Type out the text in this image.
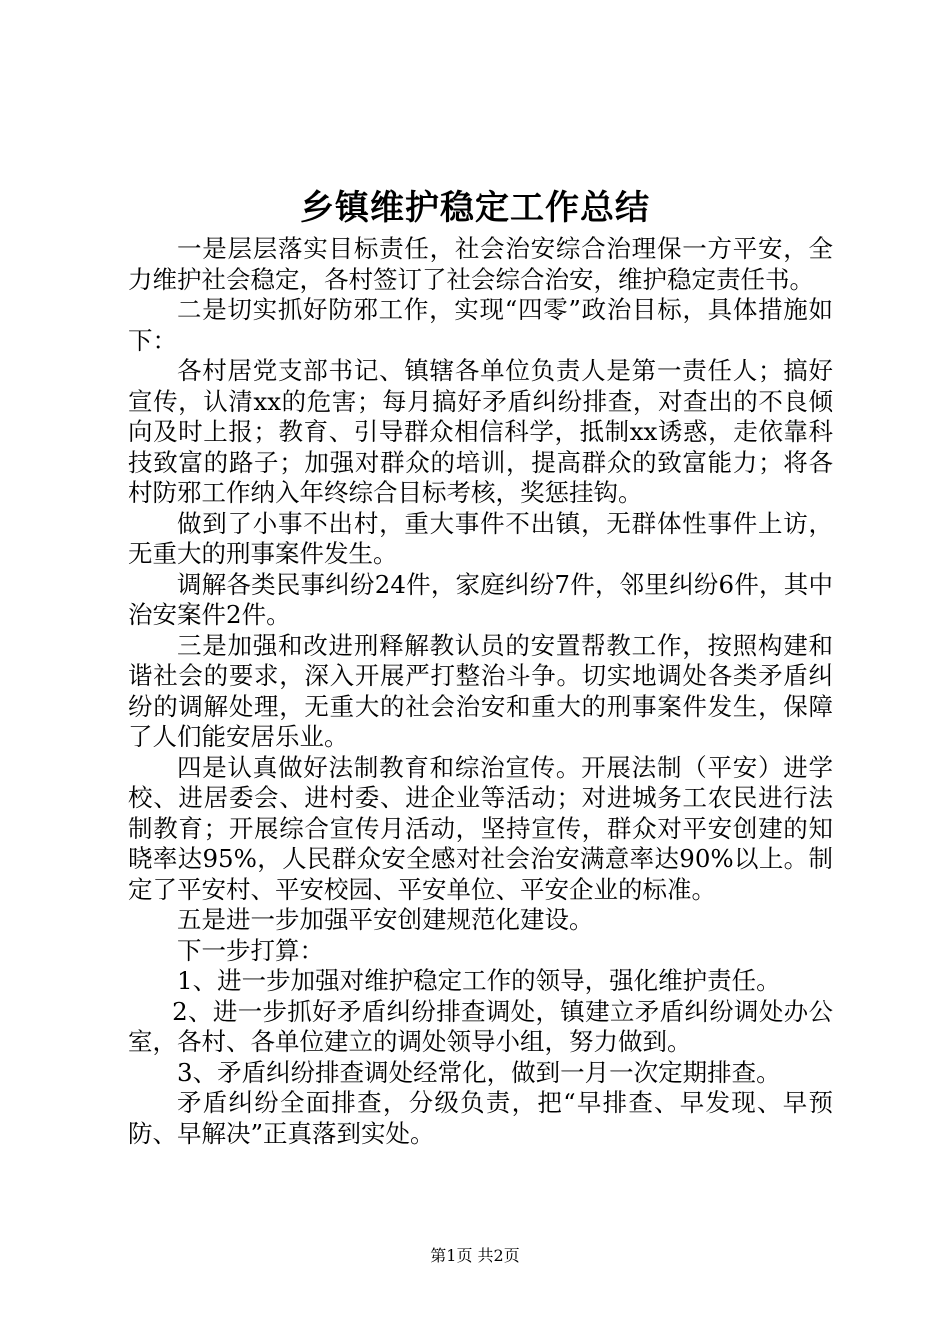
乡镇维护稳定工作总结

一是层层落实目标责任，社会治安综合治理保一方平安，全力维护社会稳定，各村签订了社会综合治安，维护稳定责任书。

二是切实抓好防邪工作，实现“四零”政治目标，具体措施如下：

各村居党支部书记、镇辖各单位负责人是第一责任人；搞好宣传，认清xx的危害；每月搞好矛盾纠纷排查，对查出的不良倾向及时上报；教育、引导群众相信科学，抵制xx诱惑，走依靠科技致富的路子；加强对群众的培训，提高群众的致富能力；将各村防邪工作纳入年终综合目标考核，奖惩挂钩。

做到了小事不出村，重大事件不出镇，无群体性事件上访，无重大的刑事案件发生。

调解各类民事纠纷24件，家庭纠纷7件，邻里纠纷6件，其中治安案件2件。

三是加强和改进刑释解教认员的安置帮教工作，按照构建和谐社会的要求，深入开展严打整治斗争。切实地调处各类矛盾纠纷的调解处理，无重大的社会治安和重大的刑事案件发生，保障了人们能安居乐业。

四是认真做好法制教育和综治宣传。开展法制（平安）进学校、进居委会、进村委、进企业等活动；对进城务工农民进行法制教育；开展综合宣传月活动，坚持宣传，群众对平安创建的知晓率达95%，人民群众安全感对社会治安满意率达90%以上。制定了平安村、平安校园、平安单位、平安企业的标准。

五是进一步加强平安创建规范化建设。

下一步打算：

1、进一步加强对维护稳定工作的领导，强化维护责任。

2、进一步抓好矛盾纠纷排查调处，镇建立矛盾纠纷调处办公室，各村、各单位建立的调处领导小组，努力做到。

3、矛盾纠纷排查调处经常化，做到一月一次定期排查。

矛盾纠纷全面排查，分级负责，把“早排查、早发现、早预防、早解决”正真落到实处。

第1页 共2页
